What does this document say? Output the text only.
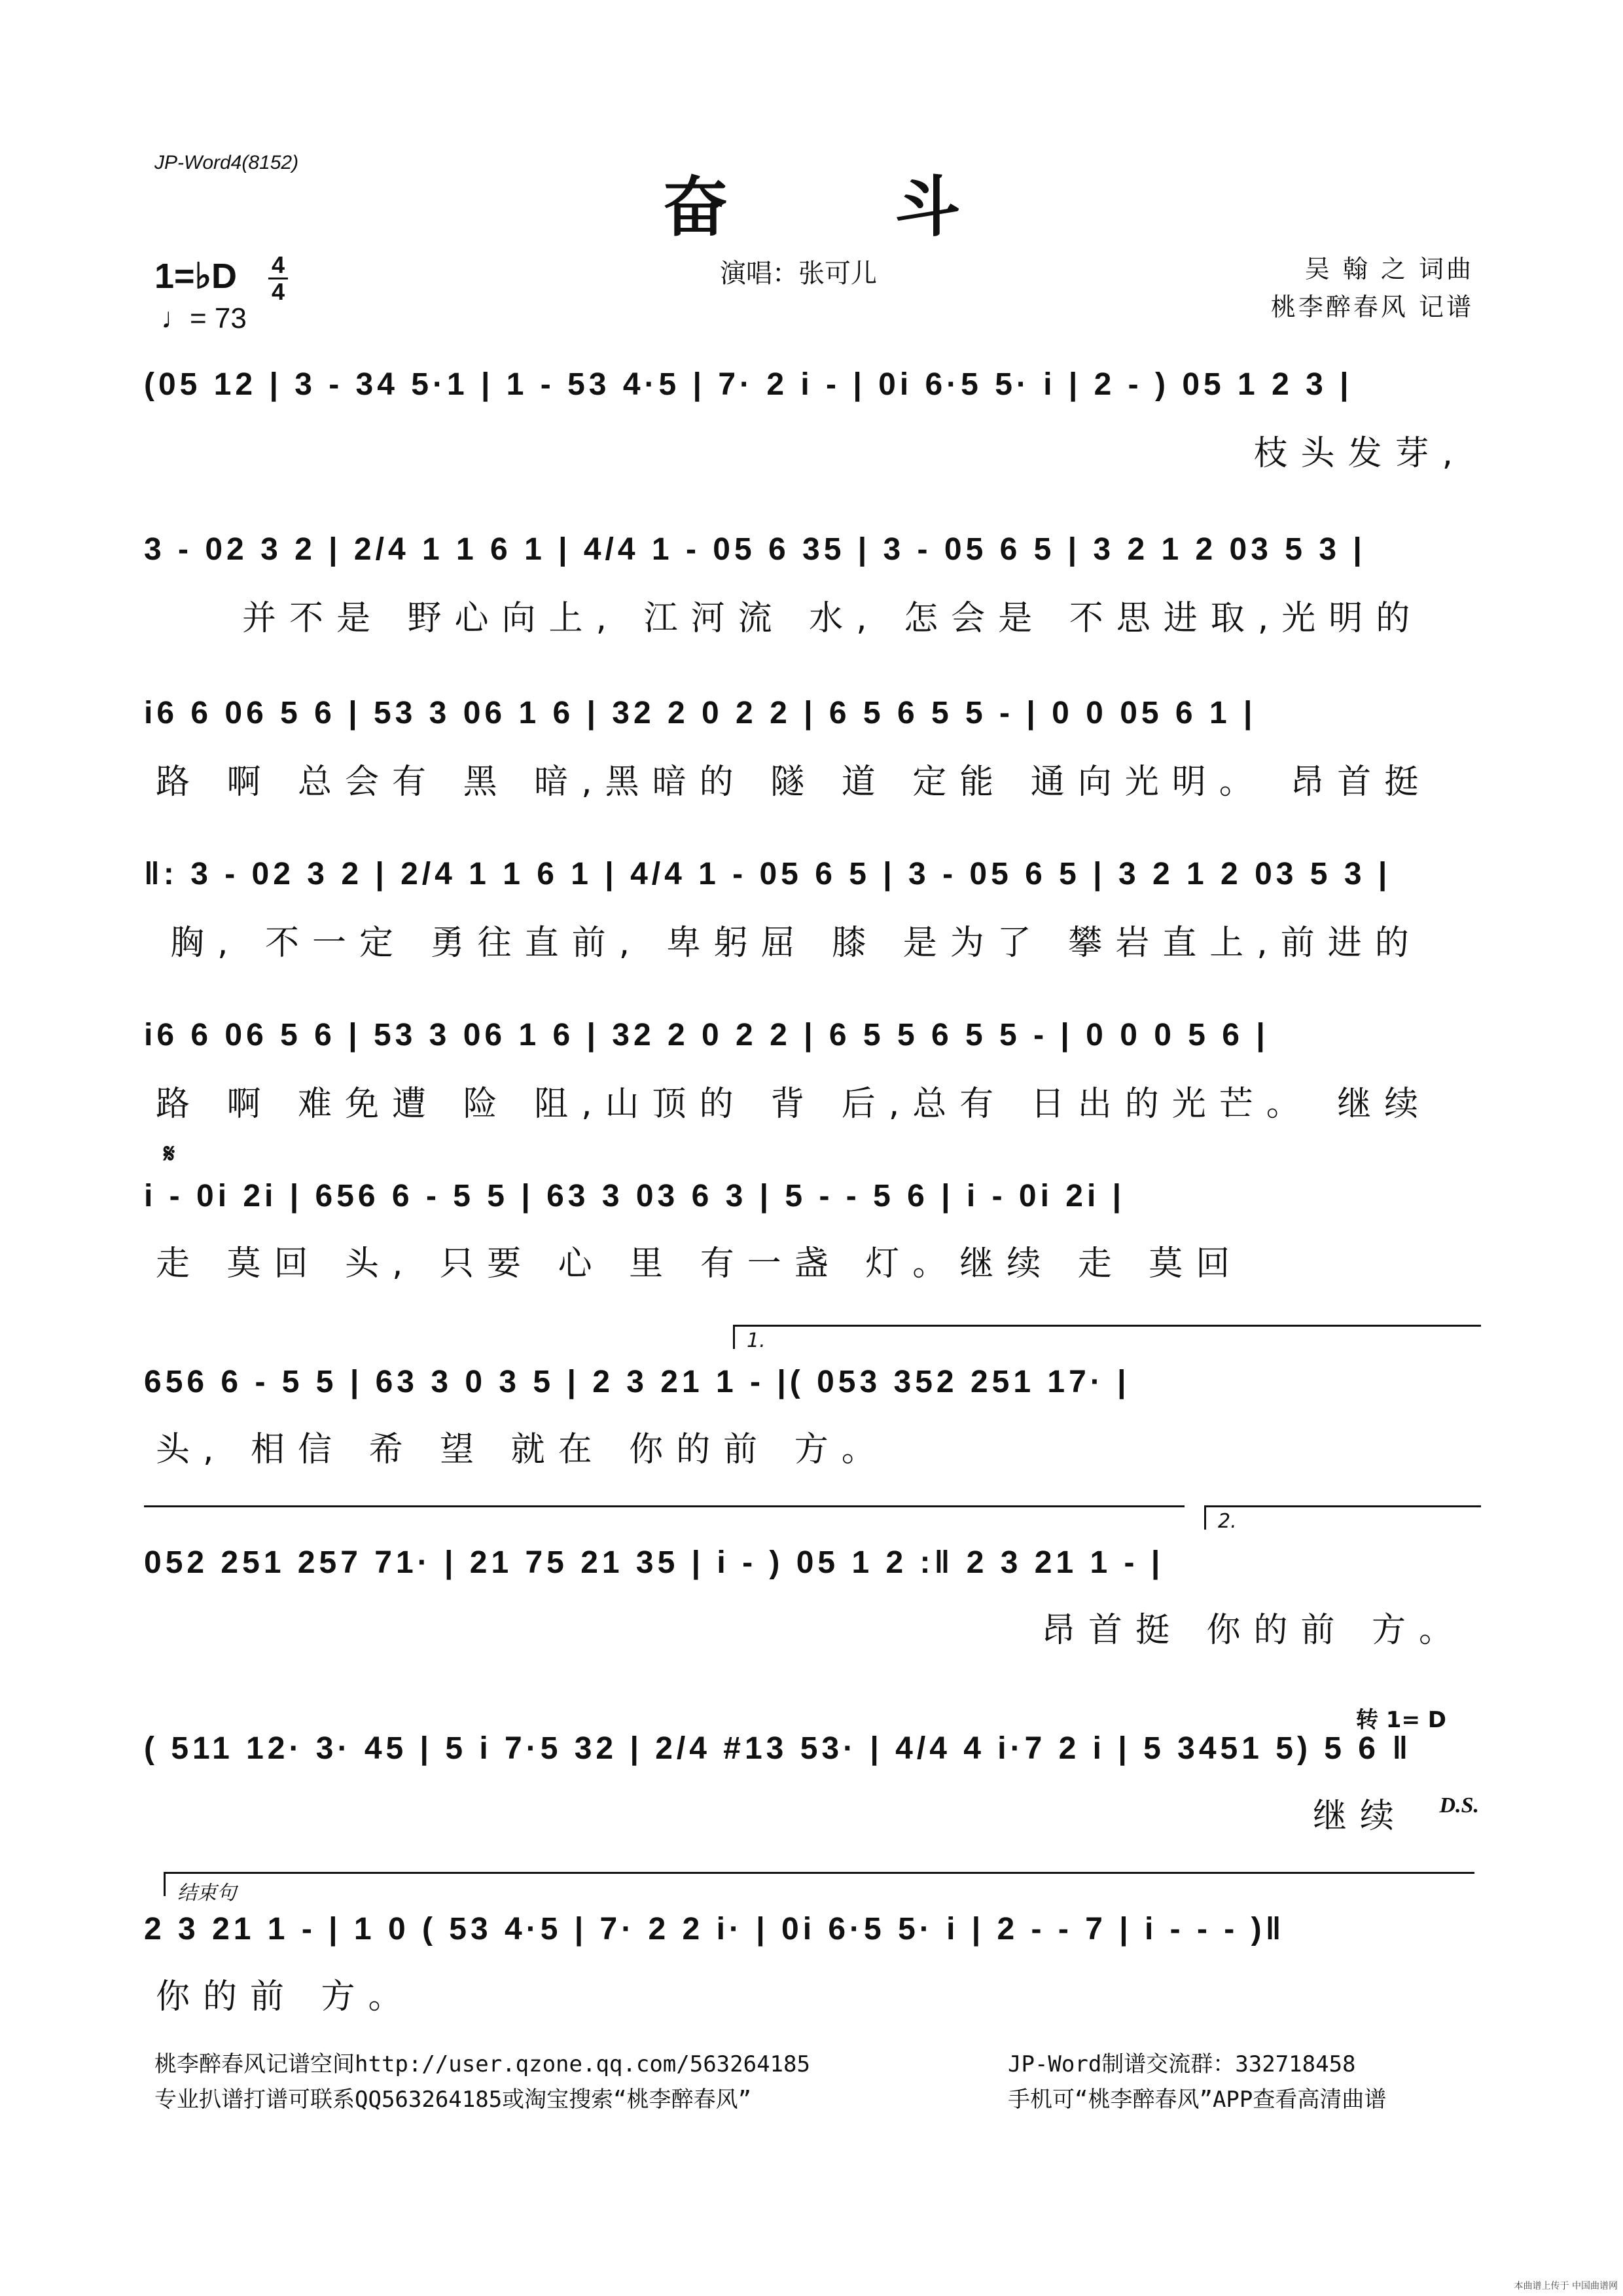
JP-Word4(8152)
奋 斗
1=♭D 4
4
♩= 73
演唱：张可儿	吴 翰 之 词曲
桃李醉春风 记谱
(05 12 | 3 - 34 5·1 | 1 - 53 4·5 | 7· 2 i - | 0i 6·5 5· i | 2 - ) 05 1 2 3 |
枝头发芽,
3 - 02 3 2 | 2/4 1 1 6 1 | 4/4 1 - 05 6 35 | 3 - 05 6 5 | 3 2 1 2 03 5 3 |
并不是 野心向上, 江河流 水, 怎会是 不思进取,光明的
i6 6 06 5 6 | 53 3 06 1 6 | 32 2 0 2 2 | 6 5 6 5 5 - | 0 0 05 6 1 |
路 啊 总会有 黑 暗,黑暗的 隧 道 定能 通向光明。 昂首挺
‖: 3 - 02 3 2 | 2/4 1 1 6 1 | 4/4 1 - 05 6 5 | 3 - 05 6 5 | 3 2 1 2 03 5 3 |
胸, 不一定 勇往直前, 卑躬屈 膝 是为了 攀岩直上,前进的
i6 6 06 5 6 | 53 3 06 1 6 | 32 2 0 2 2 | 6 5 5 6 5 5 - | 0 0 0 5 6 |
路 啊 难免遭 险 阻,山顶的 背 后,总有 日出的光芒。 继续
𝄋
i - 0i 2i | 656 6 - 5 5 | 63 3 03 6 3 | 5 - - 5 6 | i - 0i 2i |
走 莫回 头, 只要 心 里 有一盏 灯。继续 走 莫回
1.
656 6 - 5 5 | 63 3 0 3 5 | 2 3 21 1 - |( 053 352 251 17· |
头, 相信 希 望 就在 你的前 方。
2.
052 251 257 71· | 21 75 21 35 | i - ) 05 1 2 :‖ 2 3 21 1 - |
昂首挺 你的前 方。
转 1= D
( 511 12· 3· 45 | 5 i 7·5 32 | 2/4 #13 53· | 4/4 4 i·7 2 i | 5 3451 5) 5 6 ‖
继续 D.S.
结束句
2 3 21 1 - | 1 0 ( 53 4·5 | 7· 2 2 i· | 0i 6·5 5· i | 2 - - 7 | i - - - )‖
你的前 方。
桃李醉春风记谱空间http://user.qzone.qq.com/563264185
专业扒谱打谱可联系QQ563264185或淘宝搜索“桃李醉春风”
JP-Word制谱交流群：332718458
手机可“桃李醉春风”APP查看高清曲谱
本曲谱上传于 中国曲谱网
